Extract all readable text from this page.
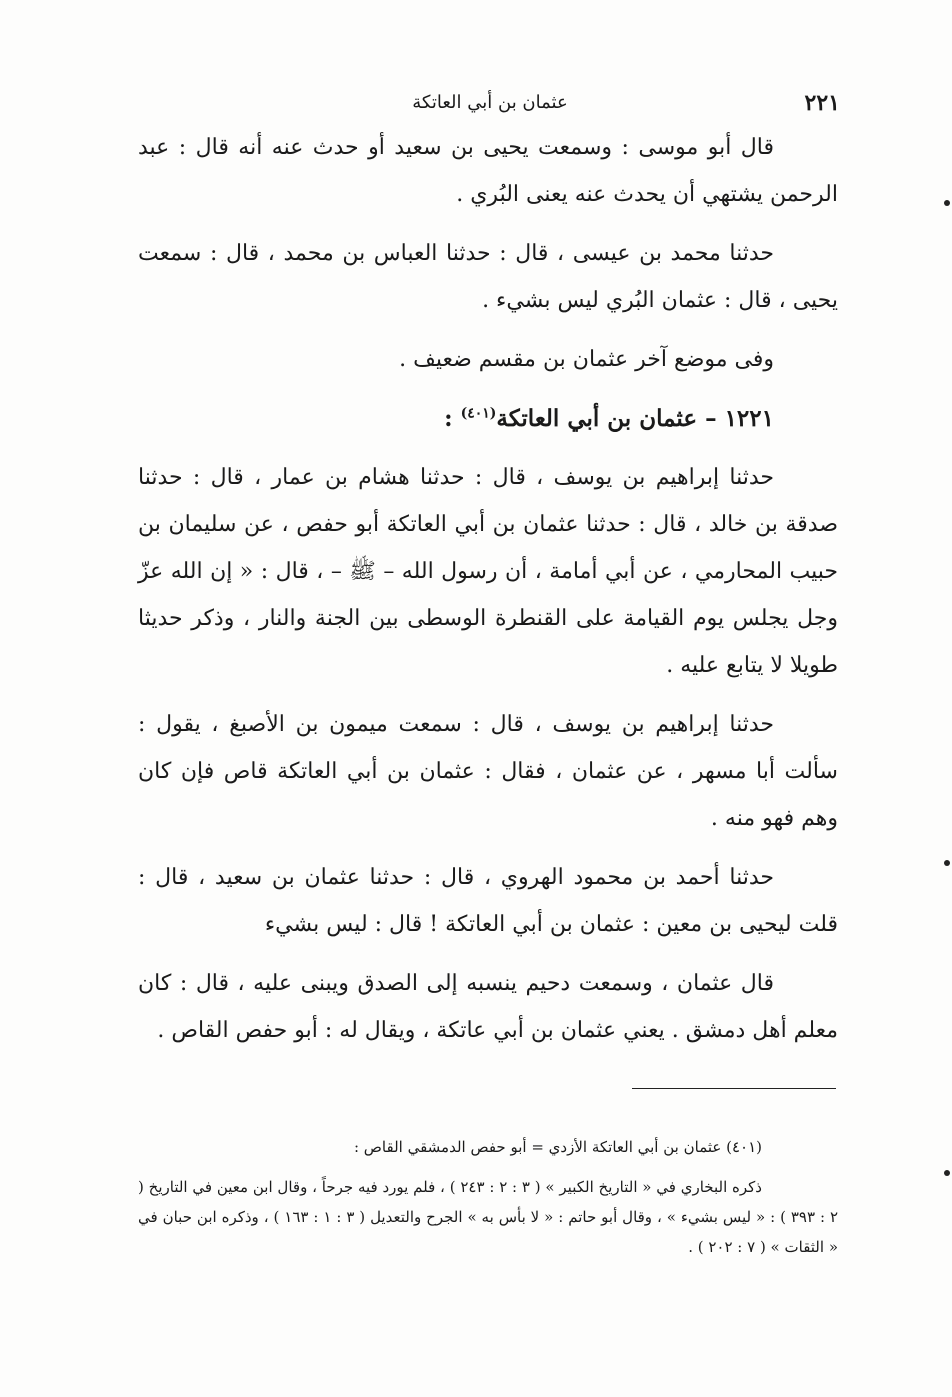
٢٢١
عثمان بن أبي العاتكة

قال أبو موسى : وسمعت يحيى بن سعيد أو حدث عنه أنه قال : عبد الرحمن يشتهي أن يحدث عنه يعنى البُري .

حدثنا محمد بن عيسى ، قال : حدثنا العباس بن محمد ، قال : سمعت يحيى ، قال : عثمان البُري ليس بشيء .

وفى موضع آخر عثمان بن مقسم ضعيف .

١٢٢١ – عثمان بن أبي العاتكة$^{(٤٠١)}$ :

حدثنا إبراهيم بن يوسف ، قال : حدثنا هشام بن عمار ، قال : حدثنا صدقة بن خالد ، قال : حدثنا عثمان بن أبي العاتكة أبو حفص ، عن سليمان بن حبيب المحارمي ، عن أبي أمامة ، أن رسول الله – ﷺ – ، قال : « إن الله عزّ وجل يجلس يوم القيامة على القنطرة الوسطى بين الجنة والنار ، وذكر حديثا طويلا لا يتابع عليه .

حدثنا إبراهيم بن يوسف ، قال : سمعت ميمون بن الأصبغ ، يقول : سألت أبا مسهر ، عن عثمان ، فقال : عثمان بن أبي العاتكة قاص فإن كان وهم فهو منه .

حدثنا أحمد بن محمود الهروي ، قال : حدثنا عثمان بن سعيد ، قال : قلت ليحيى بن معين : عثمان بن أبي العاتكة ! قال : ليس بشيء

قال عثمان ، وسمعت دحيم ينسبه إلى الصدق ويبنى عليه ، قال : كان معلم أهل دمشق . يعني عثمان بن أبي عاتكة ، ويقال له : أبو حفص القاص .

(٤٠١) عثمان بن أبي العاتكة الأزدي = أبو حفص الدمشقي القاص :

ذكره البخاري في « التاريخ الكبير » ( ٣ : ٢ : ٢٤٣ ) ، فلم يورد فيه جرحاً ، وقال ابن معين في التاريخ ( ٢ : ٣٩٣ ) : « ليس بشيء » ، وقال أبو حاتم : « لا بأس به » الجرح والتعديل ( ٣ : ١ : ١٦٣ ) ، وذكره ابن حبان في « الثقات » ( ٧ : ٢٠٢ ) .
